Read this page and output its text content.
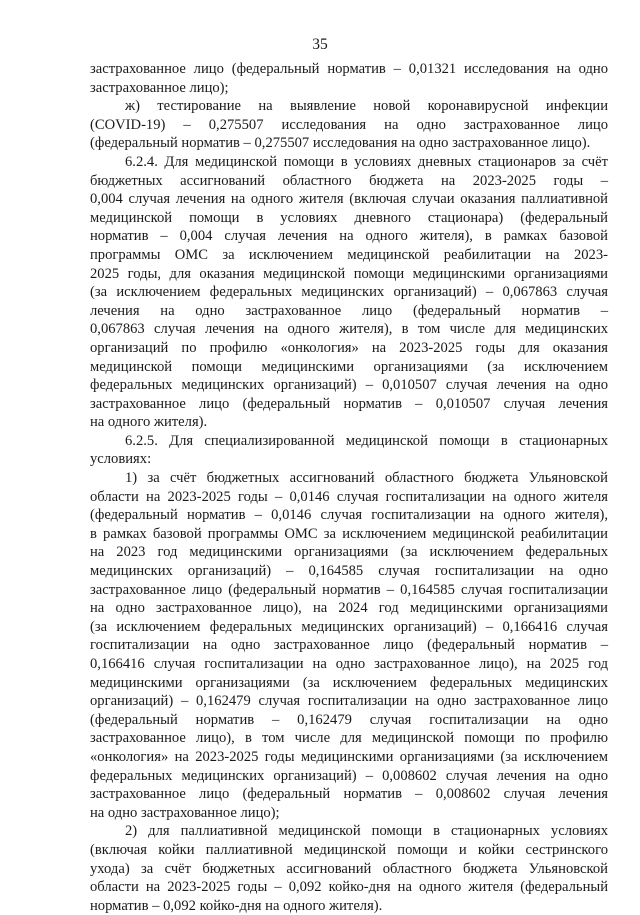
35
застрахованное лицо (федеральный норматив – 0,01321 исследования на одно
застрахованное лицо);
ж) тестирование на выявление новой коронавирусной инфекции
(COVID-19) – 0,275507 исследования на одно застрахованное лицо
(федеральный норматив – 0,275507 исследования на одно застрахованное лицо).
6.2.4. Для медицинской помощи в условиях дневных стационаров за счёт
бюджетных ассигнований областного бюджета на 2023-2025 годы –
0,004 случая лечения на одного жителя (включая случаи оказания паллиативной
медицинской помощи в условиях дневного стационара) (федеральный
норматив – 0,004 случая лечения на одного жителя), в рамках базовой
программы ОМС за исключением медицинской реабилитации на 2023-
2025 годы, для оказания медицинской помощи медицинскими организациями
(за исключением федеральных медицинских организаций) – 0,067863 случая
лечения на одно застрахованное лицо (федеральный норматив –
0,067863 случая лечения на одного жителя), в том числе для медицинских
организаций по профилю «онкология» на 2023-2025 годы для оказания
медицинской помощи медицинскими организациями (за исключением
федеральных медицинских организаций) – 0,010507 случая лечения на одно
застрахованное лицо (федеральный норматив – 0,010507 случая лечения
на одного жителя).
6.2.5. Для специализированной медицинской помощи в стационарных
условиях:
1) за счёт бюджетных ассигнований областного бюджета Ульяновской
области на 2023-2025 годы – 0,0146 случая госпитализации на одного жителя
(федеральный норматив – 0,0146 случая госпитализации на одного жителя),
в рамках базовой программы ОМС за исключением медицинской реабилитации
на 2023 год медицинскими организациями (за исключением федеральных
медицинских организаций) – 0,164585 случая госпитализации на одно
застрахованное лицо (федеральный норматив – 0,164585 случая госпитализации
на одно застрахованное лицо), на 2024 год медицинскими организациями
(за исключением федеральных медицинских организаций) – 0,166416 случая
госпитализации на одно застрахованное лицо (федеральный норматив –
0,166416 случая госпитализации на одно застрахованное лицо), на 2025 год
медицинскими организациями (за исключением федеральных медицинских
организаций) – 0,162479 случая госпитализации на одно застрахованное лицо
(федеральный норматив – 0,162479 случая госпитализации на одно
застрахованное лицо), в том числе для медицинской помощи по профилю
«онкология» на 2023-2025 годы медицинскими организациями (за исключением
федеральных медицинских организаций) – 0,008602 случая лечения на одно
застрахованное лицо (федеральный норматив – 0,008602 случая лечения
на одно застрахованное лицо);
2) для паллиативной медицинской помощи в стационарных условиях
(включая койки паллиативной медицинской помощи и койки сестринского
ухода) за счёт бюджетных ассигнований областного бюджета Ульяновской
области на 2023-2025 годы – 0,092 койко-дня на одного жителя (федеральный
норматив – 0,092 койко-дня на одного жителя).
